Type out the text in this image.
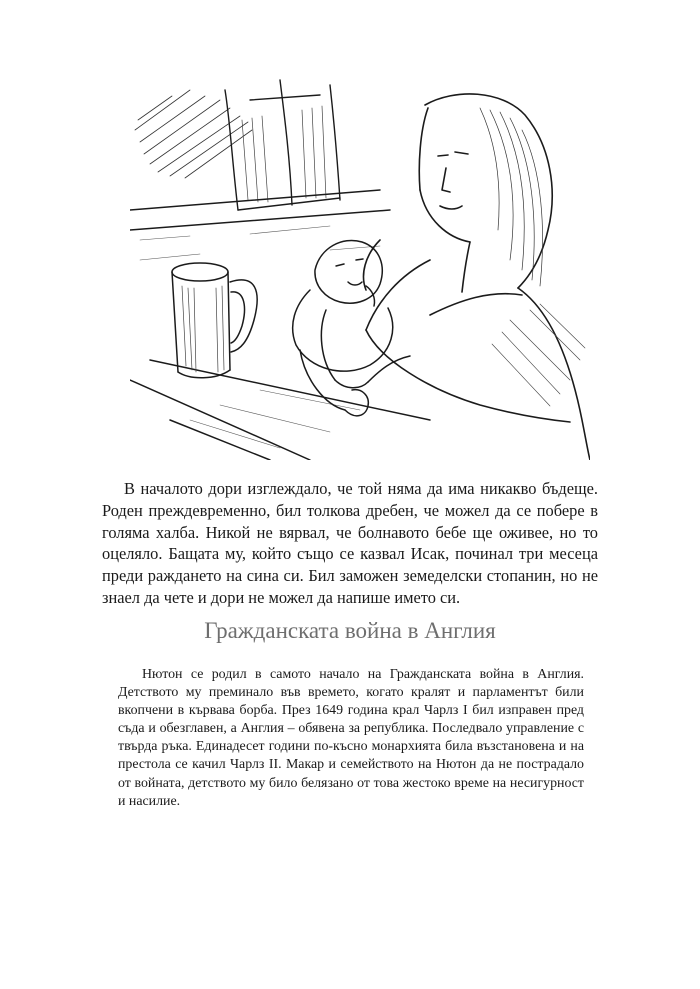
В началото дори изглеждало, че той няма да има никакво бъдеще. Роден преждевременно, бил толкова дребен, че можел да се побере в голяма халба. Никой не вярвал, че болнавото бебе ще оживее, но то оцеляло. Бащата му, който също се казвал Исак, починал три месеца преди раждането на сина си. Бил заможен земеделски стопанин, но не знаел да чете и дори не можел да напише името си.

Гражданската война в Англия

Нютон се родил в самото начало на Гражданската война в Англия. Детството му преминало във времето, когато кралят и парламентът били вкопчени в кървава борба. През 1649 година крал Чарлз I бил изправен пред съда и обезглавен, а Англия – обявена за република. Последвало управление с твърда ръка. Единадесет години по-късно монархията била възстановена и на престола се качил Чарлз II. Макар и семейството на Нютон да не пострадало от войната, детството му било белязано от това жестоко време на несигурност и насилие.
